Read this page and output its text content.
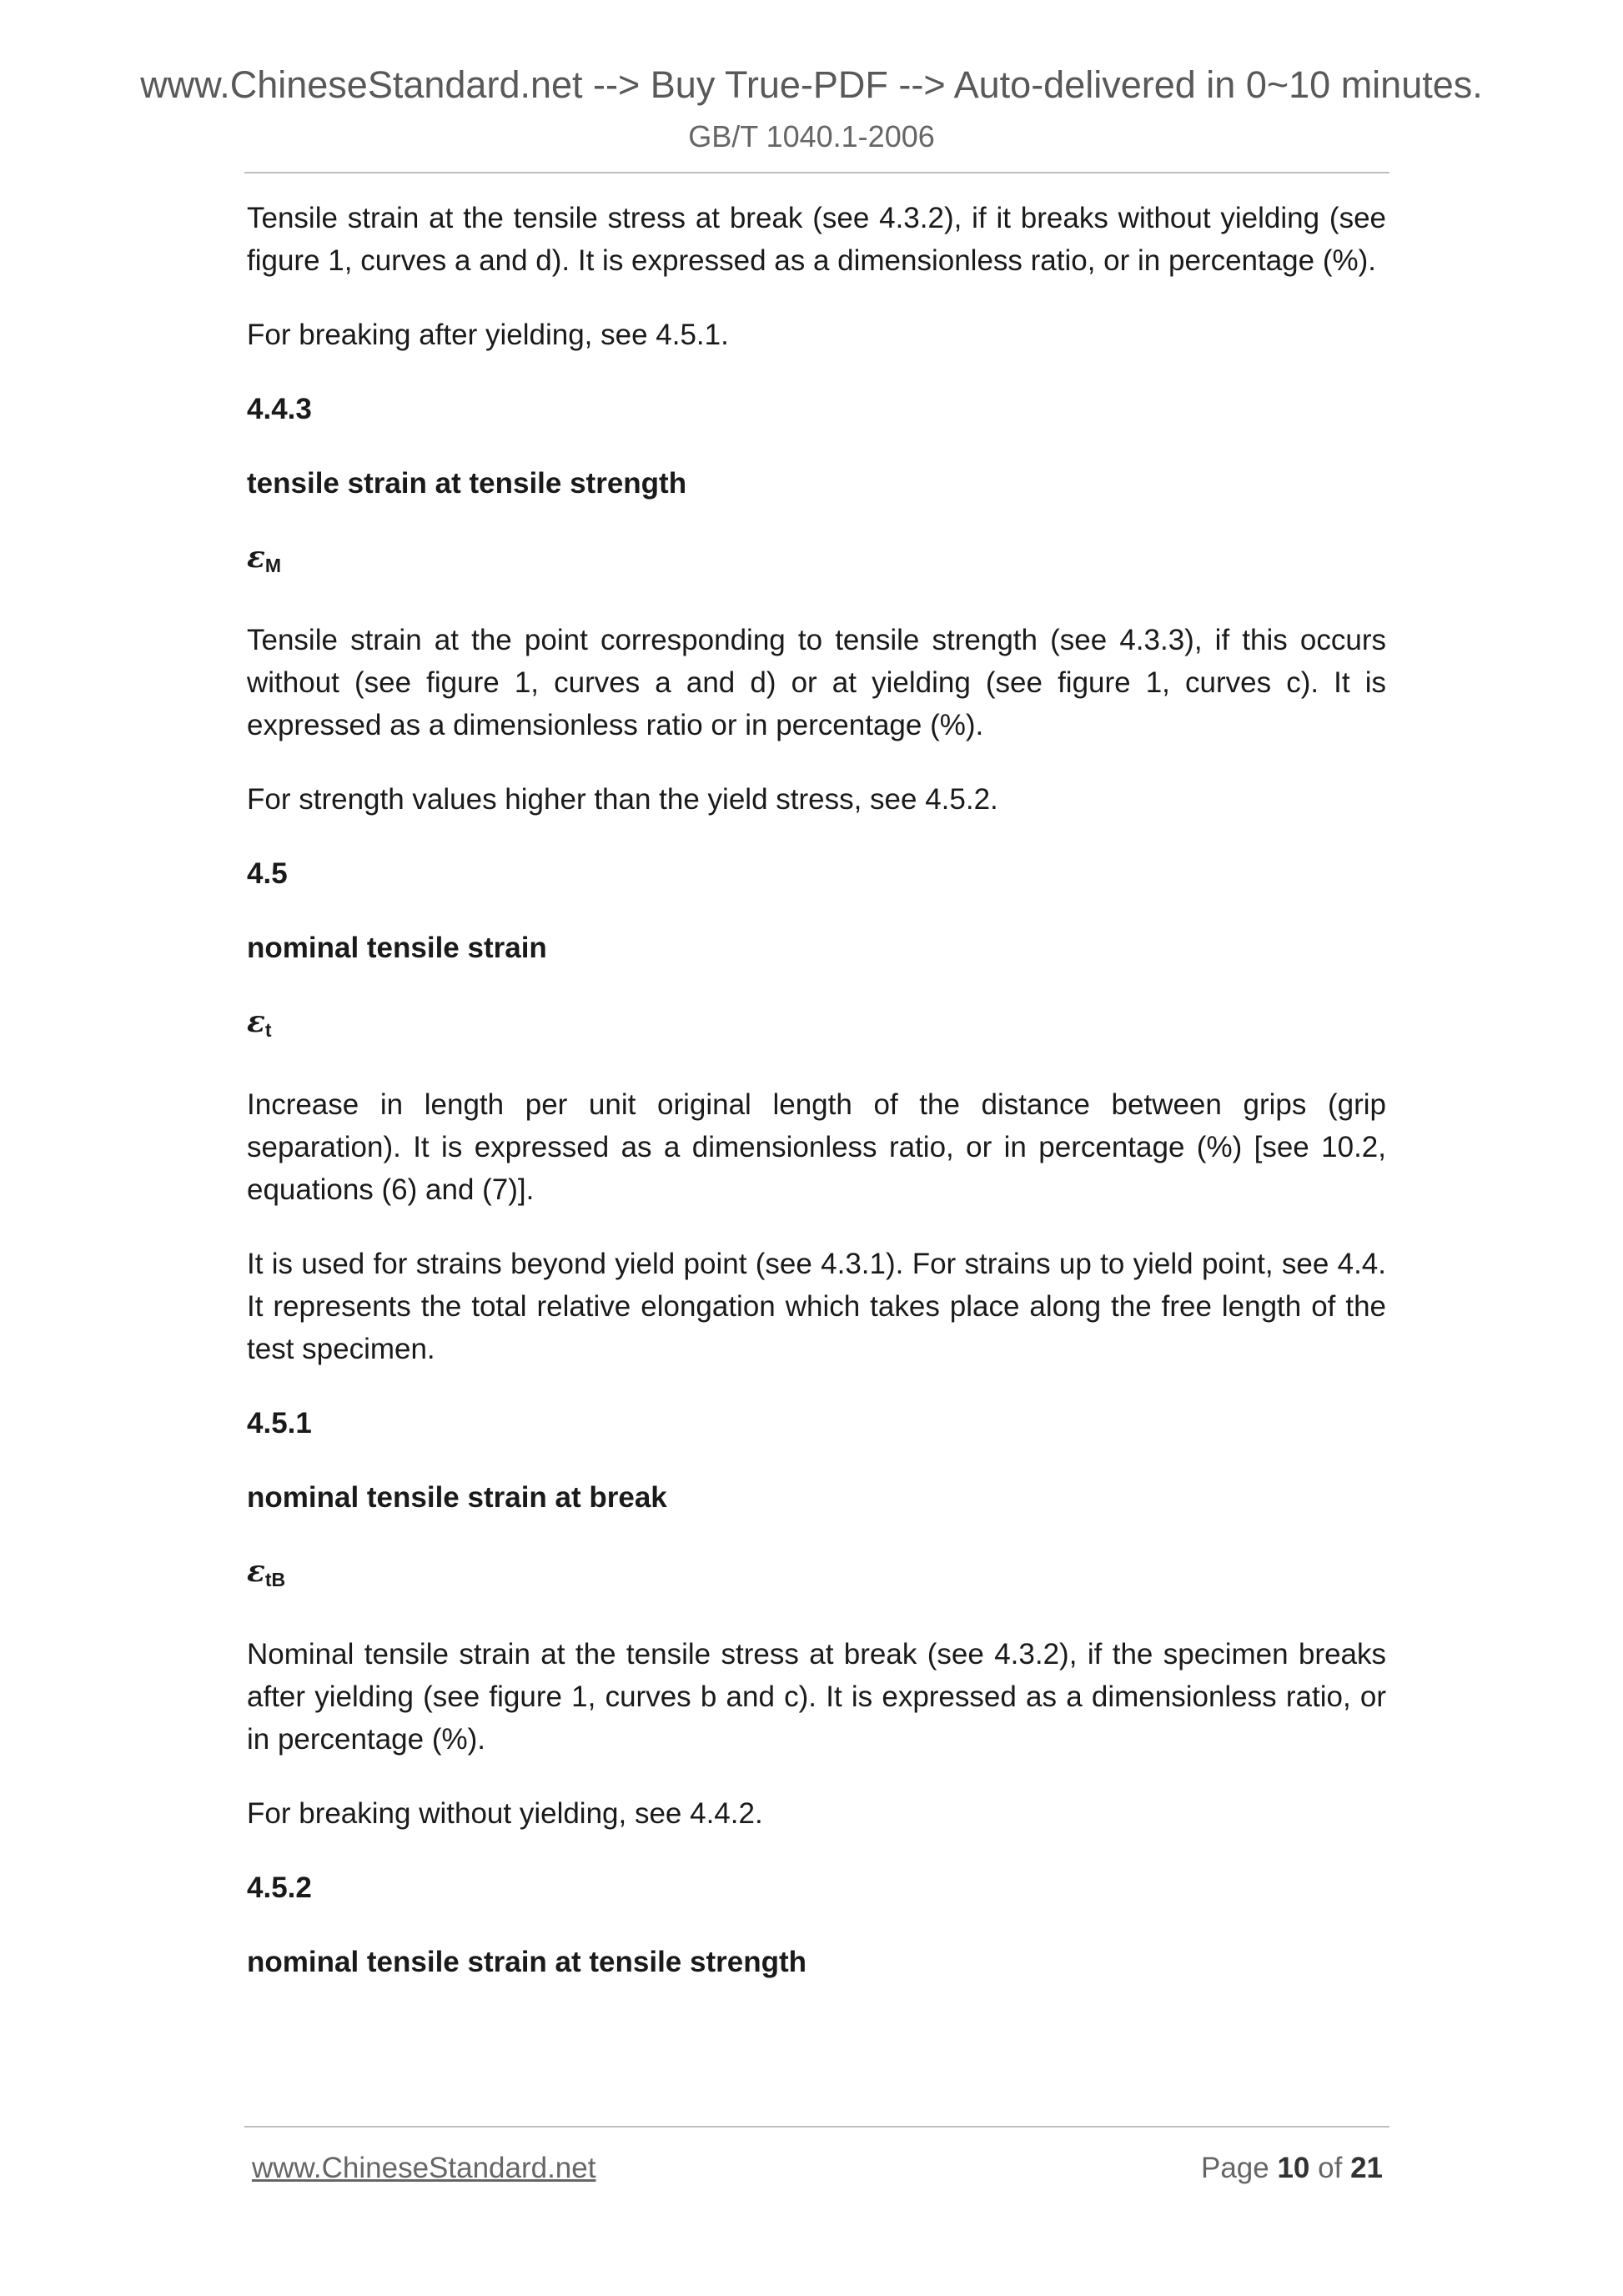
www.ChineseStandard.net --> Buy True-PDF --> Auto-delivered in 0~10 minutes.

GB/T 1040.1-2006

Tensile strain at the tensile stress at break (see 4.3.2), if it breaks without yielding (see figure 1, curves a and d). It is expressed as a dimensionless ratio, or in percentage (%).

For breaking after yielding, see 4.5.1.

4.4.3

tensile strain at tensile strength

$\varepsilon_M$

Tensile strain at the point corresponding to tensile strength (see 4.3.3), if this occurs without (see figure 1, curves a and d) or at yielding (see figure 1, curves c). It is expressed as a dimensionless ratio or in percentage (%).

For strength values higher than the yield stress, see 4.5.2.

4.5

nominal tensile strain

$\varepsilon_t$

Increase in length per unit original length of the distance between grips (grip separation). It is expressed as a dimensionless ratio, or in percentage (%) [see 10.2, equations (6) and (7)].

It is used for strains beyond yield point (see 4.3.1). For strains up to yield point, see 4.4. It represents the total relative elongation which takes place along the free length of the test specimen.

4.5.1

nominal tensile strain at break

$\varepsilon_{tB}$

Nominal tensile strain at the tensile stress at break (see 4.3.2), if the specimen breaks after yielding (see figure 1, curves b and c). It is expressed as a dimensionless ratio, or in percentage (%).

For breaking without yielding, see 4.4.2.

4.5.2

nominal tensile strain at tensile strength

www.ChineseStandard.net	Page 10 of 21
